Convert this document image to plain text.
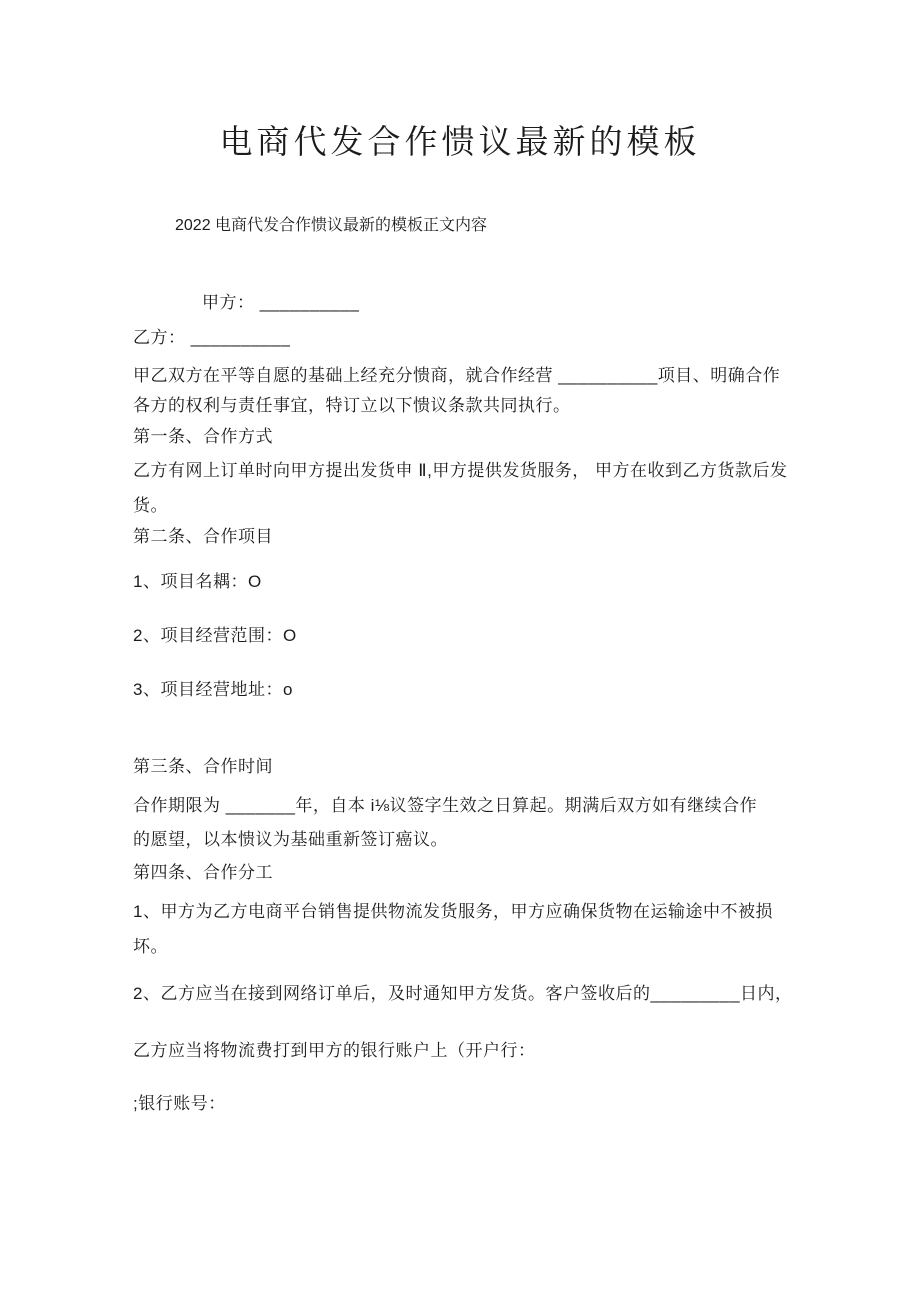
电商代发合作愦议最新的模板
2022 电商代发合作愦议最新的模板正文内容
甲方： __________
乙方： __________
甲乙双方在平等自愿的基础上经充分愦商，就合作经营 __________项目、明确合作
各方的权利与责任事宜，特订立以下愦议条款共同执行。
第一条、合作方式
乙方有网上订单时向甲方提出发货申 Ⅱ,甲方提供发货服务， 甲方在收到乙方货款后发
货。
第二条、合作项目
1、项目名耦：O
2、项目经营范围：O
3、项目经营地址：o
第三条、合作时间
合作期限为 _______年，自本 i⅛议签字生效之日算起。期满后双方如有继续合作
的愿望，以本愦议为基础重新签订癌议。
第四条、合作分工
1、甲方为乙方电商平台销售提供物流发货服务，甲方应确保货物在运输途中不被损
坏。
2、乙方应当在接到网络订单后，及时通知甲方发货。客户签收后的_________日内，
乙方应当将物流费打到甲方的银行账户上（开户行：
;银行账号：
